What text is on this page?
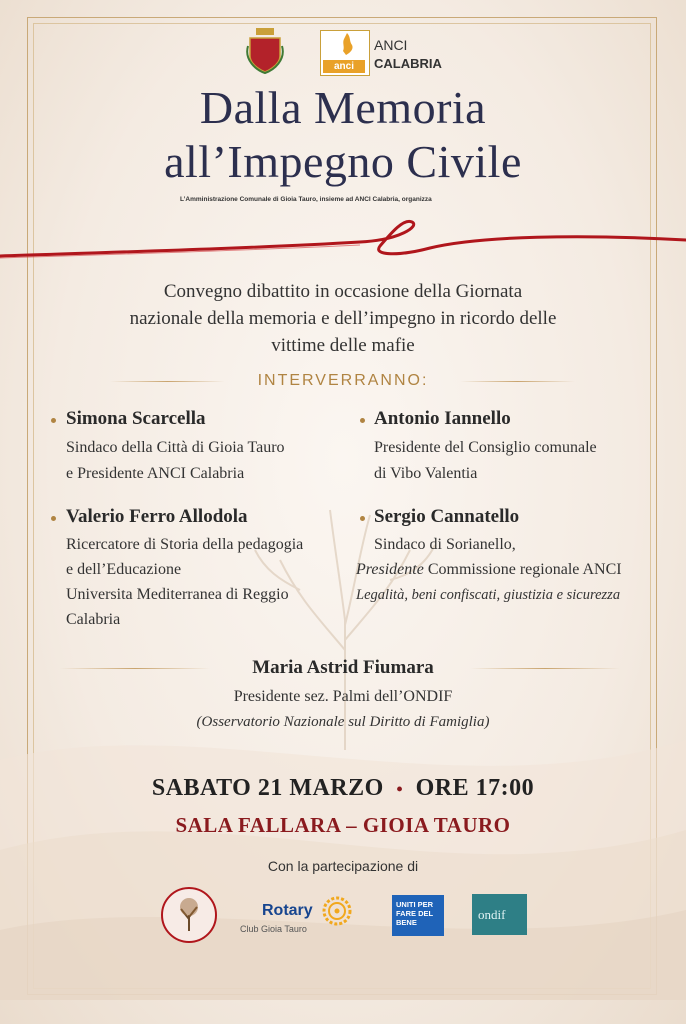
anci
ANCI
CALABRIA
Dalla Memoria
all’Impegno Civile
L’Amministrazione Comunale di Gioia Tauro, insieme ad ANCI Calabria, organizza
Convegno dibattito in occasione della Giornata
nazionale della memoria e dell’impegno in ricordo delle
vittime delle mafie
INTERVERRANNO:
Simona Scarcella
Sindaco della Città di Gioia Tauro
e Presidente ANCI Calabria
Antonio Iannello
Presidente del Consiglio comunale
di Vibo Valentia
Valerio Ferro Allodola
Ricercatore di Storia della pedagogia
e dell’Educazione
Universita Mediterranea di Reggio
Calabria
Sergio Cannatello
Sindaco di Sorianello,
Presidente Commissione regionale ANCI
Legalità, beni confiscati, giustizia e sicurezza
Maria Astrid Fiumara
Presidente sez. Palmi dell’ONDIF
(Osservatorio Nazionale sul Diritto di Famiglia)
SABATO 21 MARZO • ORE 17:00
SALA FALLARA – GIOIA TAURO
Con la partecipazione di
Rotary
Club Gioia Tauro
UNITI PER
FARE DEL
BENE
ondif
